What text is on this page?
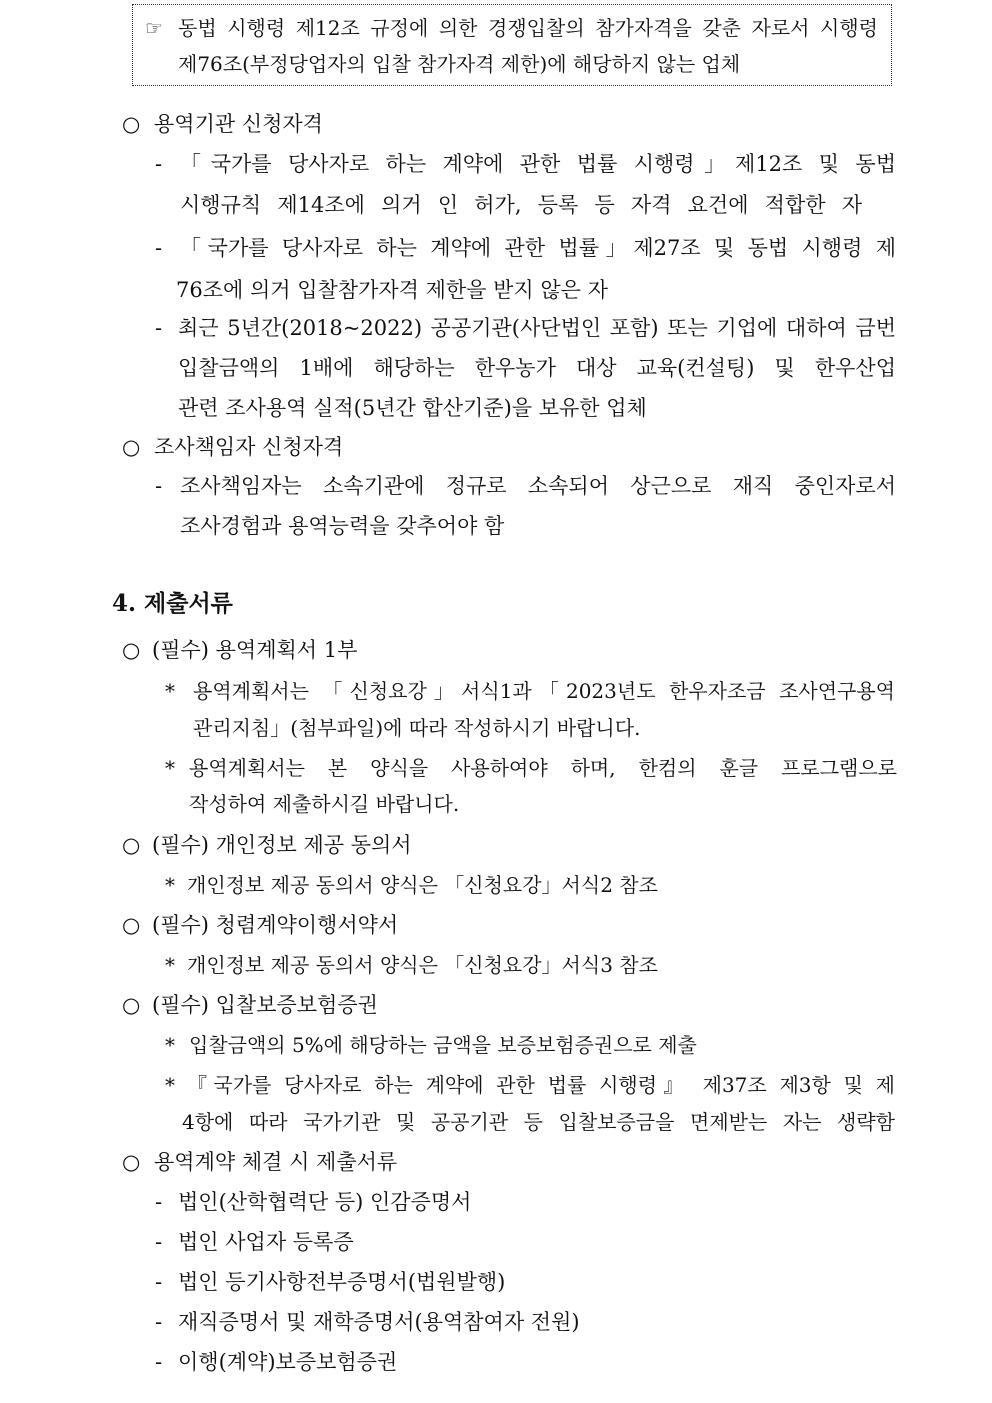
☞ 동법 시행령 제12조 규정에 의한 경쟁입찰의 참가자격을 갖춘 자로서 시행령
제76조(부정당업자의 입찰 참가자격 제한)에 해당하지 않는 업체
○ 용역기관 신청자격
- 「국가를 당사자로 하는 계약에 관한 법률 시행령」제12조 및 동법
시행규칙 제14조에 의거 인 허가, 등록 등 자격 요건에 적합한 자
- 「국가를 당사자로 하는 계약에 관한 법률」제27조 및 동법 시행령 제
76조에 의거 입찰참가자격 제한을 받지 않은 자
- 최근 5년간(2018~2022) 공공기관(사단법인 포함) 또는 기업에 대하여 금번
입찰금액의 1배에 해당하는 한우농가 대상 교육(컨설팅) 및 한우산업
관련 조사용역 실적(5년간 합산기준)을 보유한 업체
○ 조사책임자 신청자격
- 조사책임자는 소속기관에 정규로 소속되어 상근으로 재직 중인자로서
조사경험과 용역능력을 갖추어야 함
4. 제출서류
○ (필수) 용역계획서 1부
* 용역계획서는 「신청요강」서식1과「2023년도 한우자조금 조사연구용역
관리지침」(첨부파일)에 따라 작성하시기 바랍니다.
* 용역계획서는 본 양식을 사용하여야 하며, 한컴의 훈글 프로그램으로
작성하여 제출하시길 바랍니다.
○ (필수) 개인정보 제공 동의서
* 개인정보 제공 동의서 양식은 「신청요강」서식2 참조
○ (필수) 청렴계약이행서약서
* 개인정보 제공 동의서 양식은 「신청요강」서식3 참조
○ (필수) 입찰보증보험증권
* 입찰금액의 5%에 해당하는 금액을 보증보험증권으로 제출
* 『국가를 당사자로 하는 계약에 관한 법률 시행령』 제37조 제3항 및 제
4항에 따라 국가기관 및 공공기관 등 입찰보증금을 면제받는 자는 생략함
○ 용역계약 체결 시 제출서류
- 법인(산학협력단 등) 인감증명서
- 법인 사업자 등록증
- 법인 등기사항전부증명서(법원발행)
- 재직증명서 및 재학증명서(용역참여자 전원)
- 이행(계약)보증보험증권
